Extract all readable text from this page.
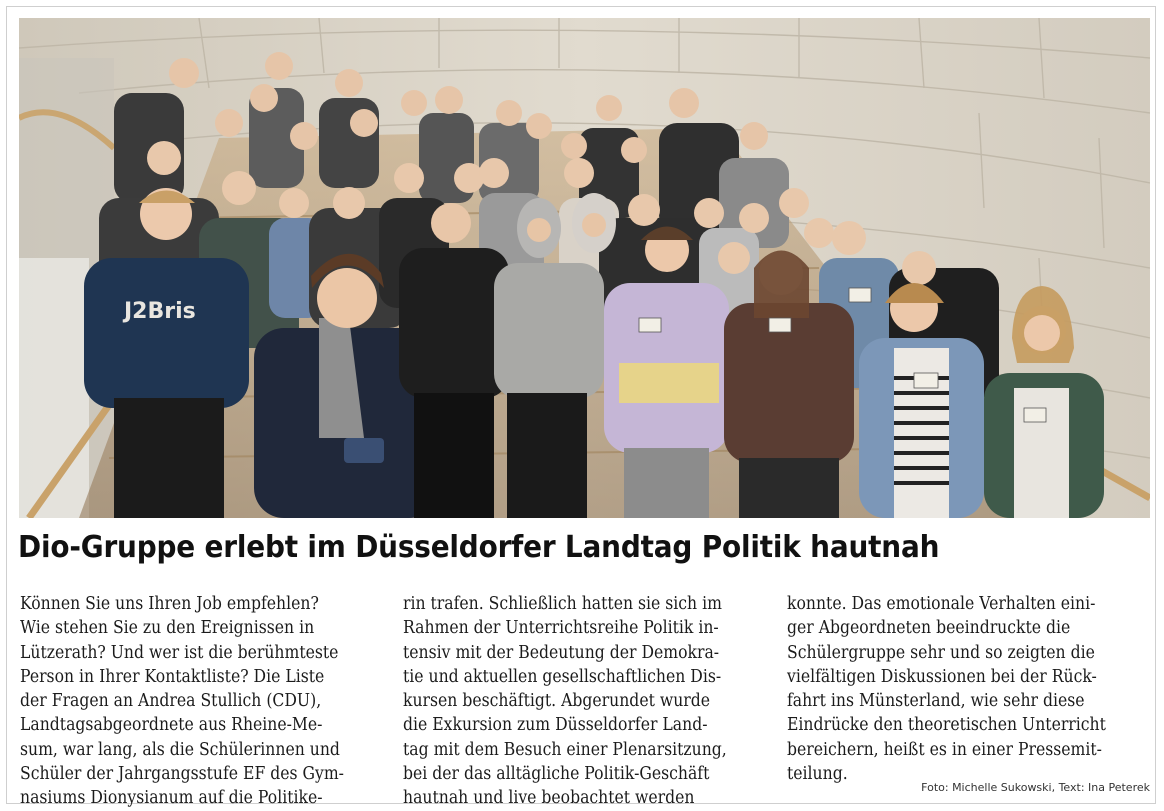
J2Bris
Dio-Gruppe erlebt im Düsseldorfer Landtag Politik hautnah
Können Sie uns Ihren Job empfehlen?
Wie stehen Sie zu den Ereignissen in
Lützerath? Und wer ist die berühmteste
Person in Ihrer Kontaktliste? Die Liste
der Fragen an Andrea Stullich (CDU),
Landtagsabgeordnete aus Rheine-Me-
sum, war lang, als die Schülerinnen und
Schüler der Jahrgangsstufe EF des Gym-
nasiums Dionysianum auf die Politike-
rin trafen. Schließlich hatten sie sich im
Rahmen der Unterrichtsreihe Politik in-
tensiv mit der Bedeutung der Demokra-
tie und aktuellen gesellschaftlichen Dis-
kursen beschäftigt. Abgerundet wurde
die Exkursion zum Düsseldorfer Land-
tag mit dem Besuch einer Plenarsitzung,
bei der das alltägliche Politik-Geschäft
hautnah und live beobachtet werden
konnte. Das emotionale Verhalten eini-
ger Abgeordneten beeindruckte die
Schülergruppe sehr und so zeigten die
vielfältigen Diskussionen bei der Rück-
fahrt ins Münsterland, wie sehr diese
Eindrücke den theoretischen Unterricht
bereichern, heißt es in einer Pressemit-
teilung.
Foto: Michelle Sukowski, Text: Ina Peterek
